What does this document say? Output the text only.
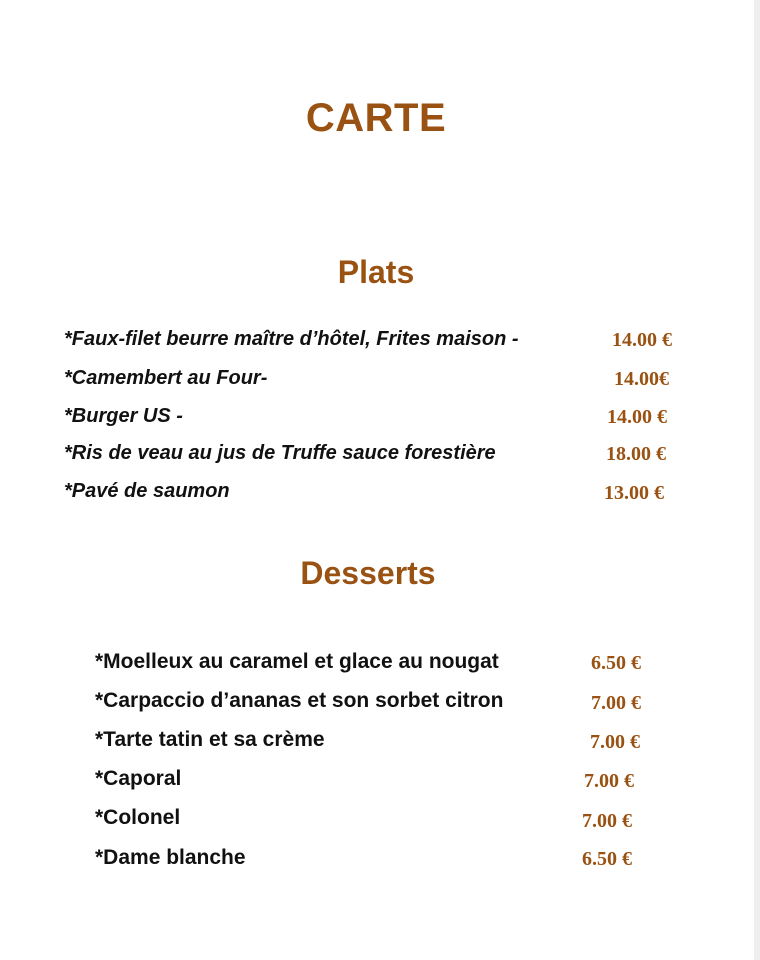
CARTE
Plats
*Faux-filet beurre maître d’hôtel, Frites maison -	14.00 €
*Camembert au Four-	14.00€
*Burger US -	14.00 €
*Ris de veau au jus de Truffe sauce forestière	18.00 €
*Pavé de saumon	13.00 €
Desserts
*Moelleux au caramel et glace au nougat	6.50 €
*Carpaccio d’ananas et son sorbet citron	7.00 €
*Tarte tatin et sa crème	7.00 €
*Caporal	7.00 €
*Colonel	7.00 €
*Dame blanche	6.50 €
